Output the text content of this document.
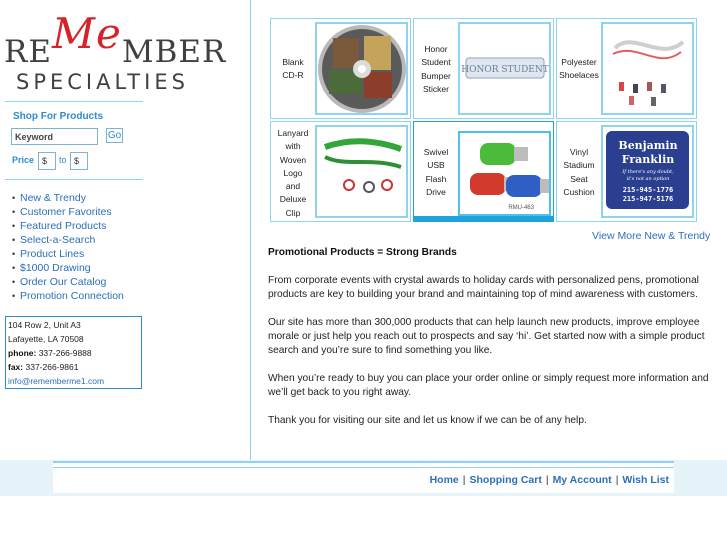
REMeMBER
SPECIALTIES
Shop For Products
Keyword
Go
Price
$	to
$
• New & Trendy
• Customer Favorites
• Featured Products
• Select-a-Search
• Product Lines
• $1000 Drawing
• Order Our Catalog
• Promotion Connection
104 Row 2, Unit A3
Lafayette, LA 70508
phone: 337-266-9888
fax: 337-266-9861
info@rememberme1.com
Blank
CD-R
Honor
Student
Bumper
Sticker
HONOR STUDENT
Polyester
Shoelaces
Lanyard
with
Woven
Logo
and
Deluxe
Clip
Swivel
USB
Flash
Drive
RMU-463
Vinyl
Stadium
Seat
Cushion
Benjamin
Franklin
If there's any doubt,
it's not an option
215-945-1776
215-947-5176
View More New & Trendy
Promotional Products = Strong Brands

From corporate events with crystal awards to holiday cards with personalized pens, promotional products are key to building your brand and maintaining top of mind awareness with customers.

Our site has more than 300,000 products that can help launch new products, improve employee morale or just help you reach out to prospects and say ‘hi’. Get started now with a simple product search and you’re sure to find something you like.

When you’re ready to buy you can place your order online or simply request more information and we’ll get back to you right away.

Thank you for visiting our site and let us know if we can be of any help.

Home | Shopping Cart | My Account | Wish List
